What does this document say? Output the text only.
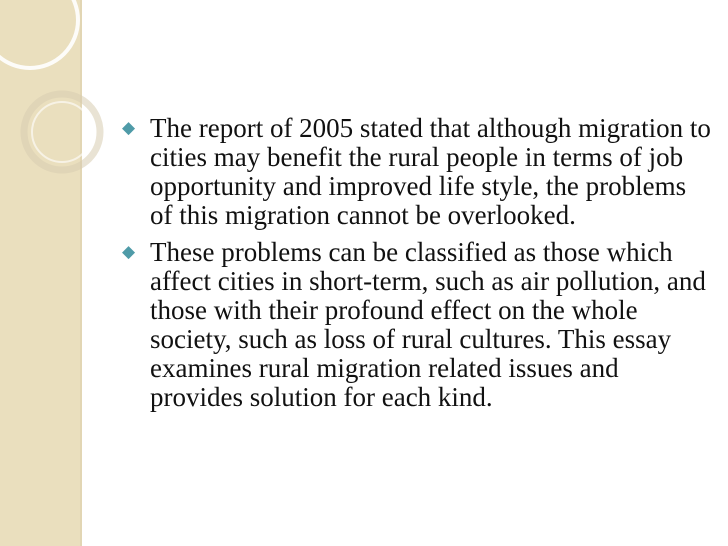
◆ The report of 2005 stated that although migration to cities may benefit the rural people in terms of job opportunity and improved life style, the problems of this migration cannot be overlooked.
◆ These problems can be classified as those which affect cities in short-term, such as air pollution, and those with their profound effect on the whole society, such as loss of rural cultures. This essay examines rural migration related issues and provides solution for each kind.
